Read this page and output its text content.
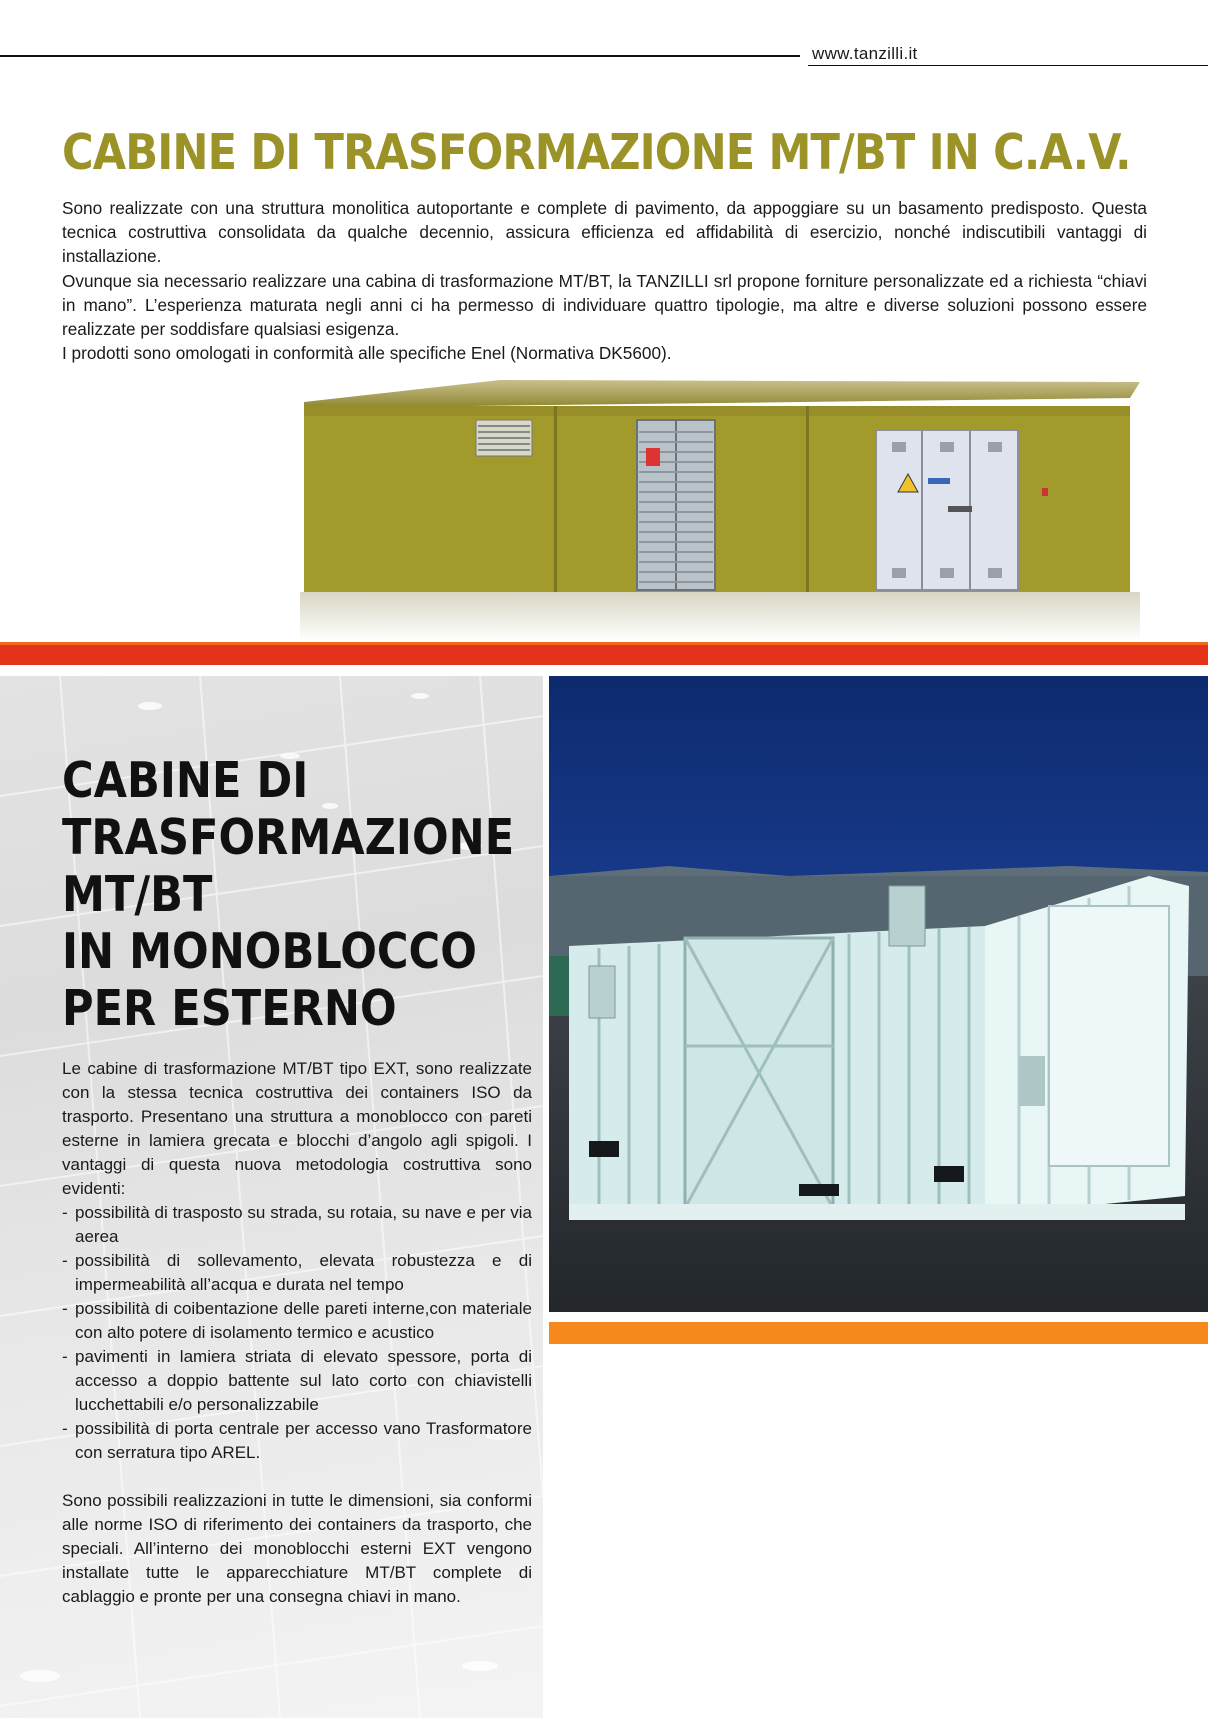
www.tanzilli.it
CABINE DI TRASFORMAZIONE MT/BT IN C.A.V.

Sono realizzate con una struttura monolitica autoportante e complete di pavimento, da appoggiare su un basamento predisposto. Questa tecnica costruttiva consolidata da qualche decennio, assicura efficienza ed affidabilità di esercizio, nonché indiscutibili vantaggi di installazione.

Ovunque sia necessario realizzare una cabina di trasformazione MT/BT, la TANZILLI srl propone forniture personalizzate ed a richiesta “chiavi in mano”. L’esperienza maturata negli anni ci ha permesso di individuare quattro tipologie, ma altre e diverse soluzioni possono essere realizzate per soddisfare qualsiasi esigenza.

I prodotti sono omologati in conformità alle specifiche Enel (Normativa DK5600).

CABINE DI
TRASFORMAZIONE
MT/BT
IN MONOBLOCCO
PER ESTERNO

Le cabine di trasformazione MT/BT tipo EXT, sono realizzate con la stessa tecnica costruttiva dei containers ISO da trasporto. Presentano una struttura a monoblocco con pareti esterne in lamiera grecata e blocchi d’angolo agli spigoli. I vantaggi di questa nuova metodologia costruttiva sono evidenti:

- possibilità di trasposto su strada, su rotaia, su nave e per via aerea
- possibilità di sollevamento, elevata robustezza e di impermeabilità all’acqua e durata nel tempo
- possibilità di coibentazione delle pareti interne,con materiale con alto potere di isolamento termico e acustico
- pavimenti in lamiera striata di elevato spessore, porta di accesso a doppio battente sul lato corto con chiavistelli lucchettabili e/o personalizzabile
- possibilità di porta centrale per accesso vano Trasformatore con serratura tipo AREL.

Sono possibili realizzazioni in tutte le dimensioni, sia conformi alle norme ISO di riferimento dei containers da trasporto, che speciali. All’interno dei monoblocchi esterni EXT vengono installate tutte le apparecchiature MT/BT complete di cablaggio e pronte per una consegna chiavi in mano.
